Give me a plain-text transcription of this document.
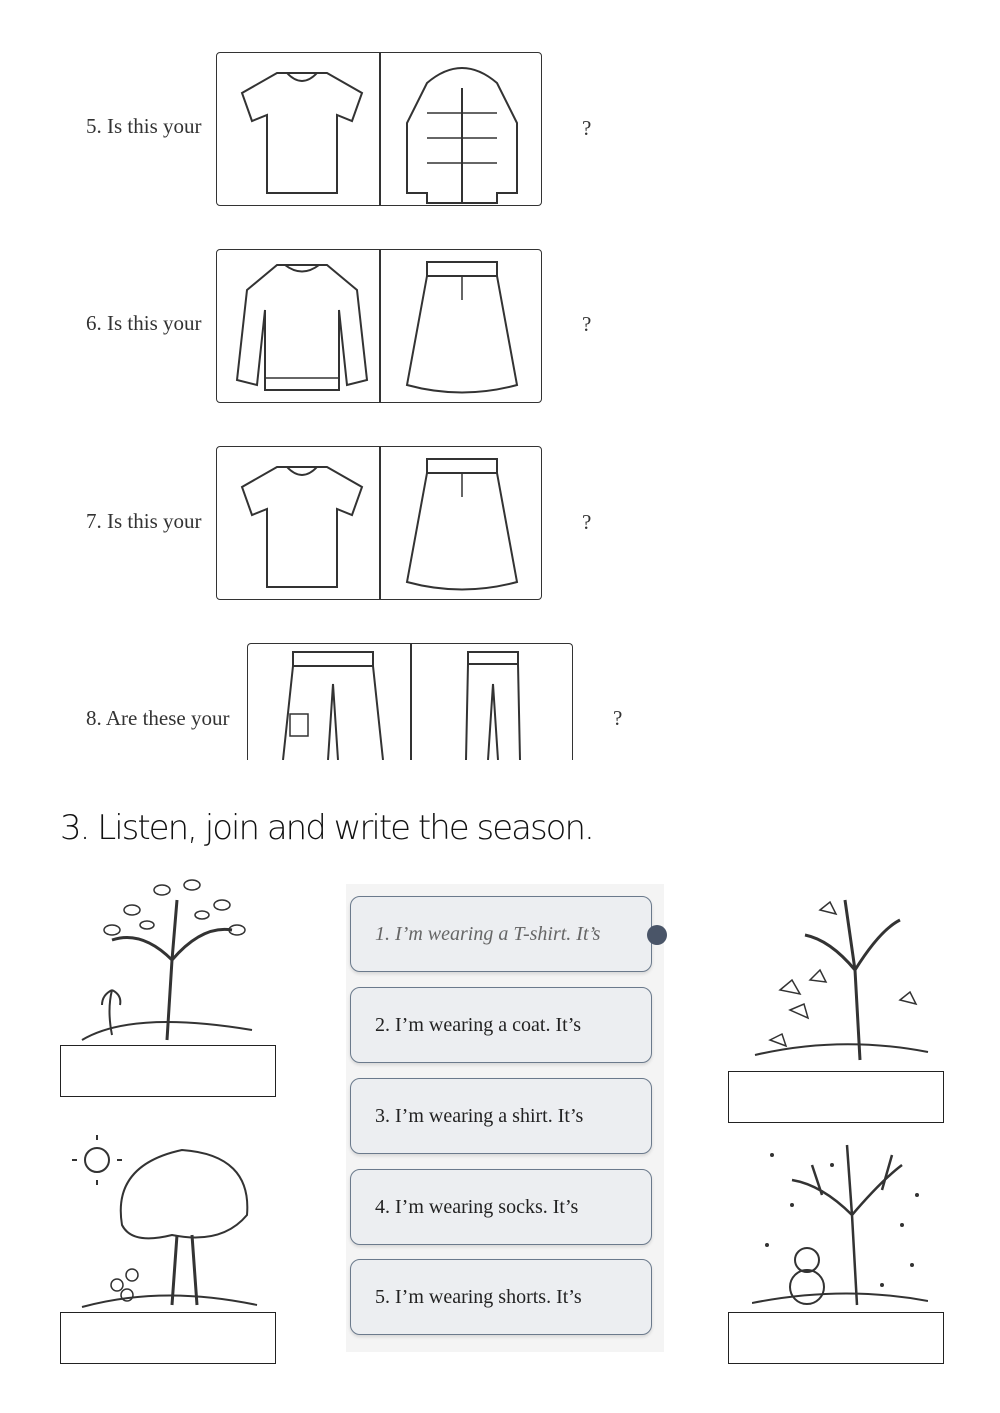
5. Is this your	?
6. Is this your	?
7. Is this your	?
8. Are these your	?
3. Listen, join and write the season.
1. I’m wearing a T-shirt. It’s
2. I’m wearing a coat. It’s
3. I’m wearing a shirt. It’s
4. I’m wearing socks. It’s
5. I’m wearing shorts. It’s
